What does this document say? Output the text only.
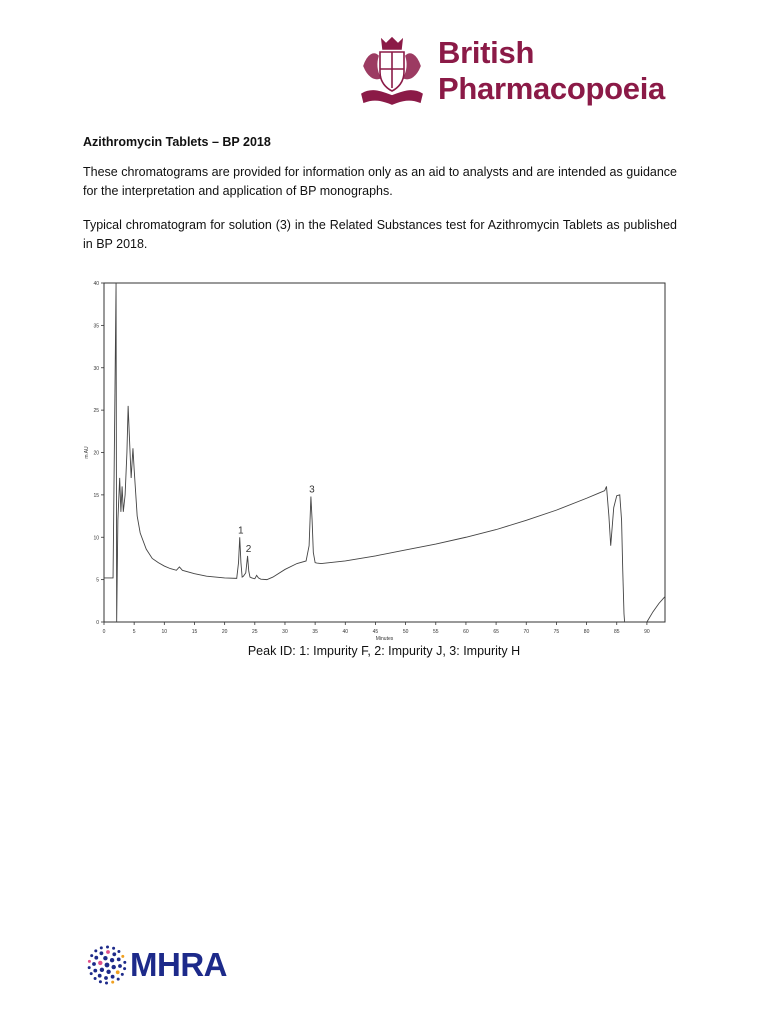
British
Pharmacopoeia
Azithromycin Tablets – BP 2018
These chromatograms are provided for information only as an aid to analysts and are intended as guidance for the interpretation and application of BP monographs.
Typical chromatogram for solution (3) in the Related Substances test for Azithromycin Tablets as published in BP 2018.
0	5	10	15	20	25	30	35	40	45	50	55	60	65	70	75	80	85	90
0
5
10
15
20
25
30
35
40
Minutes
m AU
1
2
3
Peak ID: 1: Impurity F, 2: Impurity J, 3: Impurity H
MHRA
